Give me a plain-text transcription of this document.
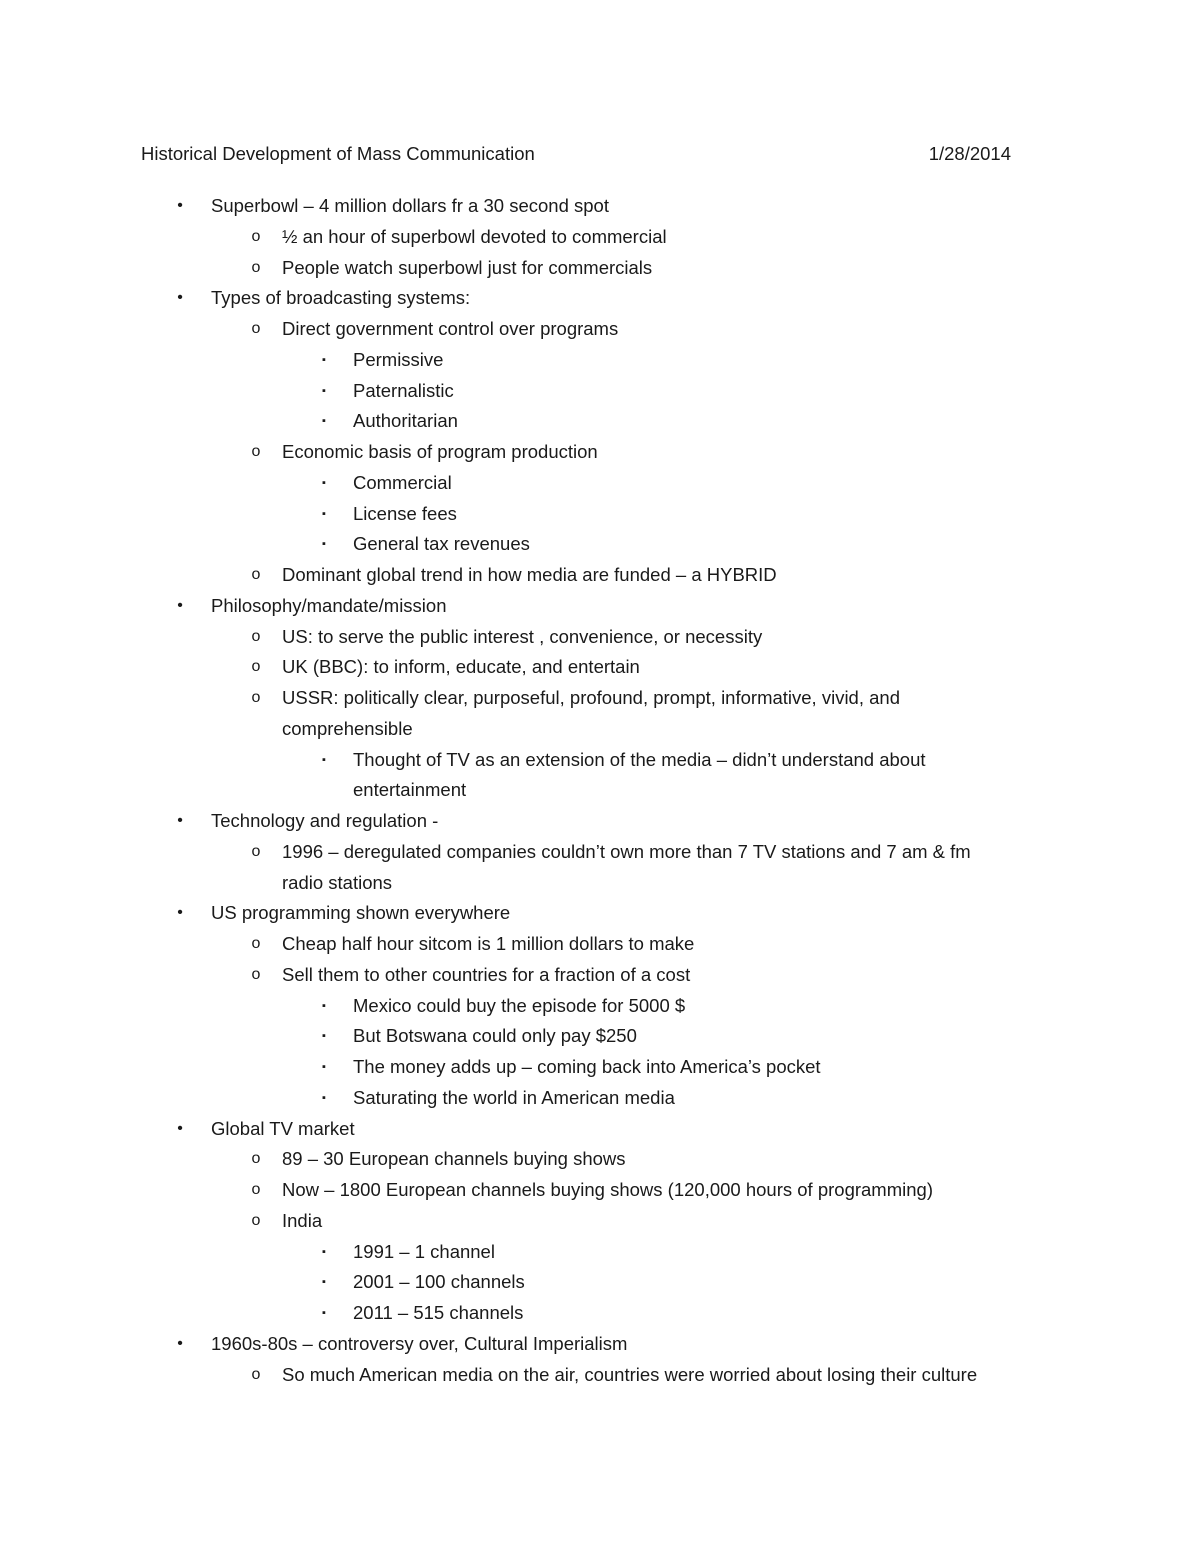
Historical Development of Mass Communication	1/28/2014
• Superbowl – 4 million dollars fr a 30 second spot
o ½ an hour of superbowl devoted to commercial
o People watch superbowl just for commercials
• Types of broadcasting systems:
o Direct government control over programs
▪	Permissive
▪	Paternalistic
▪	Authoritarian
o Economic basis of program production
▪	Commercial
▪	License fees
▪	General tax revenues
o Dominant global trend in how media are funded – a HYBRID
• Philosophy/mandate/mission
o US: to serve the public interest , convenience, or necessity
o UK (BBC): to inform, educate, and entertain
o USSR: politically clear, purposeful, profound, prompt, informative, vivid, and
comprehensible
▪	Thought of TV as an extension of the media – didn’t understand about
entertainment
• Technology and regulation -
o 1996 – deregulated companies couldn’t own more than 7 TV stations and 7 am & fm
radio stations
• US programming shown everywhere
o Cheap half hour sitcom is 1 million dollars to make
o Sell them to other countries for a fraction of a cost
▪	Mexico could buy the episode for 5000 $
▪	But Botswana could only pay $250
▪	The money adds up – coming back into America’s pocket
▪	Saturating the world in American media
• Global TV market
o 89 – 30 European channels buying shows
o Now – 1800 European channels buying shows (120,000 hours of programming)
o India
▪	1991 – 1 channel
▪	2001 – 100 channels
▪	2011 – 515 channels
• 1960s-80s – controversy over, Cultural Imperialism
o So much American media on the air, countries were worried about losing their culture
